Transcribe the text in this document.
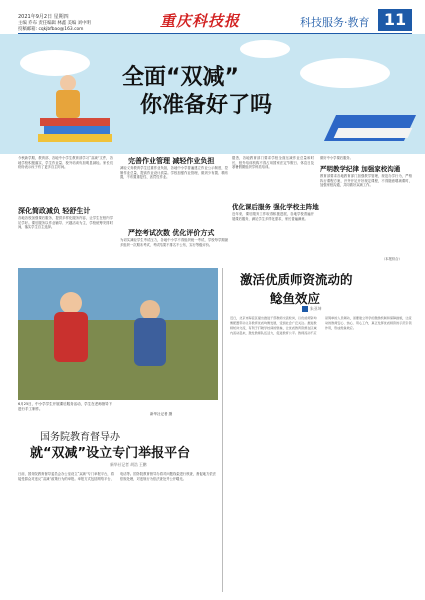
2021年9月2日 星期四
主编 乔布 责任编辑 林鑫 美编 刘中明
投稿邮箱: cqkjbfbao@163.com	重庆科技报	科技服务·教育 11
全面“双减”
你准备好了吗
今秋新学期，教育部、各地中小学生教育部学习“双减”文件，各地学校积极落实，学生作业量、校外培训负担明显减轻。家长们纷纷表示孩子有了更多自主时间。
深化简政减负 轻舒生计
各地各校加强课后服务，提供多样化服务内容，让学生在校内学足学好。课后服务以作业辅导、兴趣活动为主，学校统筹安排时间，落实学生自主选择。
完善作业管理 减轻作业负担
减轻义务教育学生过重作业负担，各地中小学普遍建立作业公示制度，控制作业总量，提高作业设计质量。学校加强作业管理，做到少布置、精布置，不布置重复性、惩罚性作业。
严控考试次数 优化评价方式
为切实减轻学生考试压力，各地中小学不得组织统一考试，学校每学期最多组织一次期末考试，考试结果不排名不公布，实行等级评价。
据悉，各地教育部门要求学校全面压减作业总量和时长，校外培训机构不得占用国家法定节假日、休息日及寒暑假期组织学科类培训。
优化课后服务 强化学校主阵地
近年来，课后服务工作取得积极进展，各地学校普遍开展课后服务，满足学生多样化需求，家长普遍满意。
做好中小学课后服务。
严明教学纪律 加强家校沟通
教育部要求各地教育部门加强教学管理，规范办学行为，严格执行课程方案，开齐开足开好规定课程，不得随意增减课时，加强家校沟通，共同做好双减工作。
（本报综合）
6月25日，中小学学生开展课后服务活动，学生在老师指导下进行手工制作。
新华社记者 摄
国务院教育督导办
就“双减”设立专门举报平台
新华社记者 胡浩 王鹏
日前，国务院教育督导委员会办公室设立“双减”专门举报平台，将接受群众对违反“双减”政策行为的举报。举报方式包括网络平台、电话等。国务院教育督导办将对问题线索进行核查，督促地方依法依规处理，对违规行为依法查处并公开曝光。
激活优质师资流动的
鲶鱼效应
朱亚坤
近日，北京市海淀区提出推进干部教师交流轮岗，以优质师资均衡配置带动义务教育优质均衡发展，受到社会广泛关注。推进教师轮岗交流，有利于打破学校间的壁垒，让优质教育资源在区域内流动起来，激发教师队伍活力，促进教育公平。教师流动不应是简单的人员调动，而要建立科学的激励机制和保障措施，让流动的教师安心、热心、用心工作，真正发挥优质师资的示范引领作用，形成鲶鱼效应。
